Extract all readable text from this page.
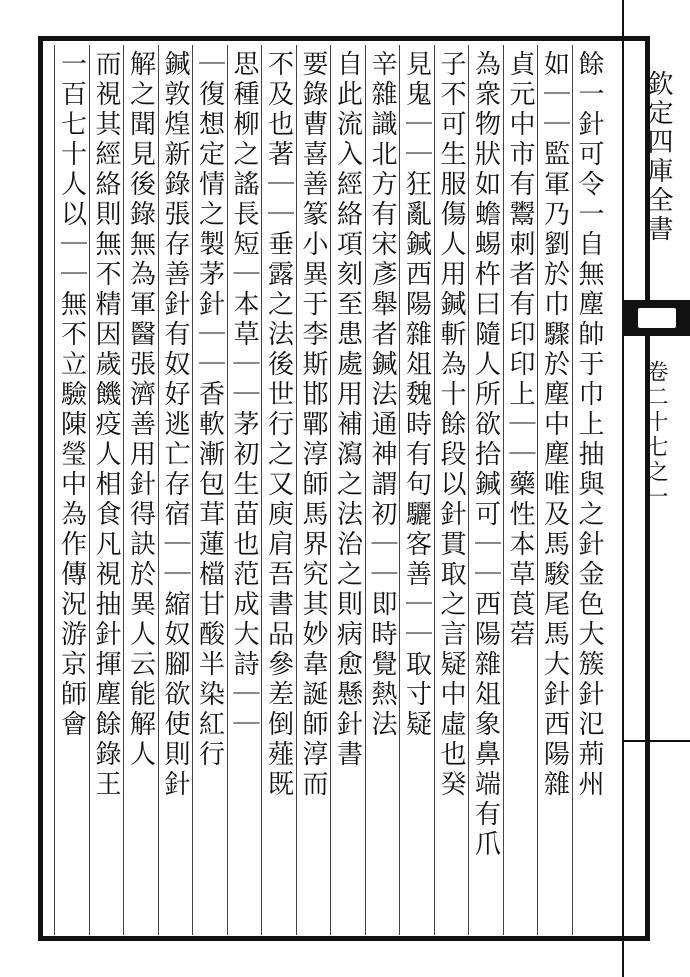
欽定四庫全書
卷二十七之一
餘一針可令一自無塵帥于巾上抽與之針金色大簇針氾荊州
如｜｜監軍乃劉於巾驟於塵中塵唯及馬駿尾馬大針西陽雜
貞元中市有鬻刺者有印印上｜｜藥性本草莨菪
為衆物狀如蟾蜴杵曰隨人所欲拾鍼可｜｜西陽雜俎象鼻端有爪
子不可生服傷人用鍼斬為十餘段以針貫取之言疑中虛也癸
見鬼｜｜狂亂鍼西陽雜俎魏時有句驪客善｜｜取寸疑
辛雜識北方有宋彥舉者鍼法通神謂初｜｜即時覺熱法
自此流入經絡項刻至患處用補瀉之法治之則病愈懸針書
要錄曹喜善篆小異于李斯邯鄲淳師馬界究其妙韋誕師淳而
不及也著｜｜垂露之法後世行之又庾肩吾書品參差倒薤既
思種柳之謠長短｜本草｜｜茅初生苗也范成大詩｜｜
｜復想定情之製茅針｜｜香軟漸包茸蓮檔甘酸半染紅行
鍼敦煌新錄張存善針有奴好逃亡存宿｜｜縮奴腳欲使則針
解之聞見後錄無為軍醫張濟善用針得訣於異人云能解人
而視其經絡則無不精因歲饑疫人相食凡視抽針揮塵餘錄王
一百七十人以｜｜無不立驗陳瑩中為作傳況游京師會
